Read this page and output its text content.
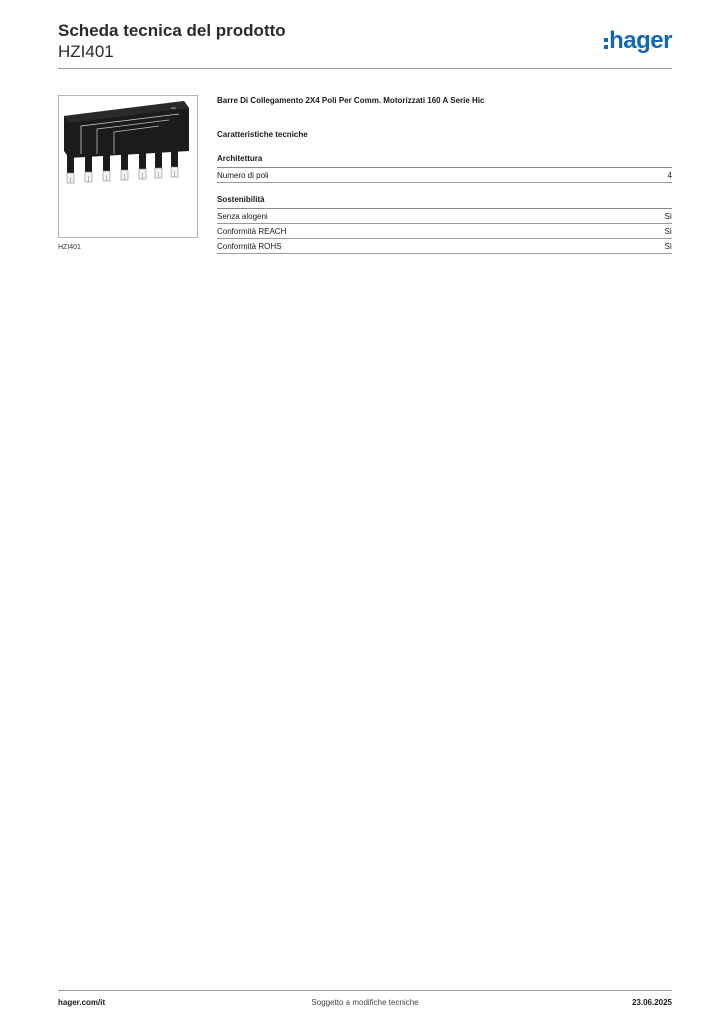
Scheda tecnica del prodotto
HZI401	hager
HZI
HZI401
Barre Di Collegamento 2X4 Poli Per Comm. Motorizzati 160 A Serie Hic
Caratteristiche tecniche
Architettura
Numero di poli	4
Sostenibilità
Senza alogeni	Sì
Conformità REACH	Sì
Conformità ROHS	Sì
hager.com/it	Soggetto a modifiche tecniche	23.06.2025
